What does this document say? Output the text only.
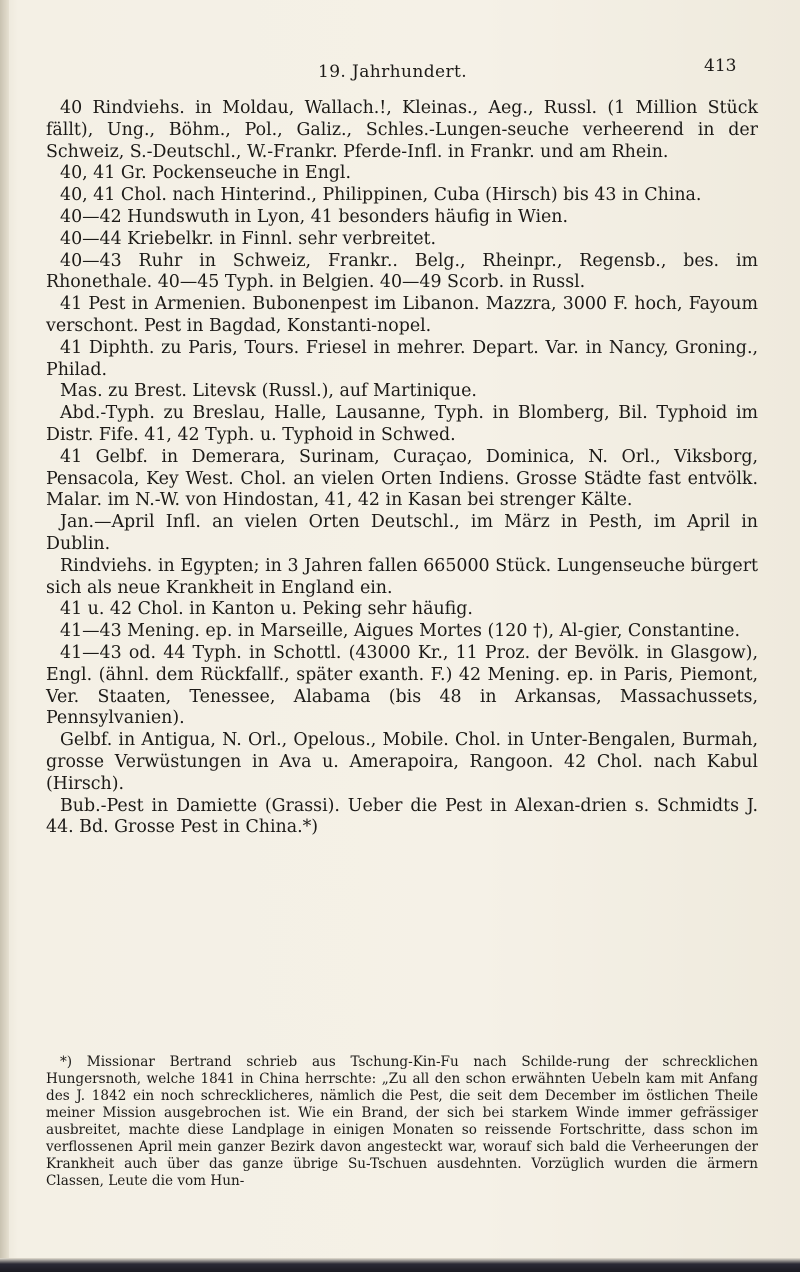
19. Jahrhundert.	413

40 Rindviehs. in Moldau, Wallach.!, Kleinas., Aeg., Russl. (1 Million Stück fällt), Ung., Böhm., Pol., Galiz., Schles.-Lungen-seuche verheerend in der Schweiz, S.-Deutschl., W.-Frankr. Pferde-Infl. in Frankr. und am Rhein.

40, 41 Gr. Pockenseuche in Engl.

40, 41 Chol. nach Hinterind., Philippinen, Cuba (Hirsch) bis 43 in China.

40—42 Hundswuth in Lyon, 41 besonders häufig in Wien.

40—44 Kriebelkr. in Finnl. sehr verbreitet.

40—43 Ruhr in Schweiz, Frankr.. Belg., Rheinpr., Regensb., bes. im Rhonethale. 40—45 Typh. in Belgien. 40—49 Scorb. in Russl.

41 Pest in Armenien. Bubonenpest im Libanon. Mazzra, 3000 F. hoch, Fayoum verschont. Pest in Bagdad, Konstanti-nopel.

41 Diphth. zu Paris, Tours. Friesel in mehrer. Depart. Var. in Nancy, Groning., Philad.

Mas. zu Brest. Litevsk (Russl.), auf Martinique.

Abd.-Typh. zu Breslau, Halle, Lausanne, Typh. in Blomberg, Bil. Typhoid im Distr. Fife. 41, 42 Typh. u. Typhoid in Schwed.

41 Gelbf. in Demerara, Surinam, Curaçao, Dominica, N. Orl., Viksborg, Pensacola, Key West. Chol. an vielen Orten Indiens. Grosse Städte fast entvölk. Malar. im N.-W. von Hindostan, 41, 42 in Kasan bei strenger Kälte.

Jan.—April Infl. an vielen Orten Deutschl., im März in Pesth, im April in Dublin.

Rindviehs. in Egypten; in 3 Jahren fallen 665000 Stück. Lungenseuche bürgert sich als neue Krankheit in England ein.

41 u. 42 Chol. in Kanton u. Peking sehr häufig.

41—43 Mening. ep. in Marseille, Aigues Mortes (120 †), Al-gier, Constantine.

41—43 od. 44 Typh. in Schottl. (43000 Kr., 11 Proz. der Bevölk. in Glasgow), Engl. (ähnl. dem Rückfallf., später exanth. F.) 42 Mening. ep. in Paris, Piemont, Ver. Staaten, Tenessee, Alabama (bis 48 in Arkansas, Massachussets, Pennsylvanien).

Gelbf. in Antigua, N. Orl., Opelous., Mobile. Chol. in Unter-Bengalen, Burmah, grosse Verwüstungen in Ava u. Amerapoira, Rangoon. 42 Chol. nach Kabul (Hirsch).

Bub.-Pest in Damiette (Grassi). Ueber die Pest in Alexan-drien s. Schmidts J. 44. Bd. Grosse Pest in China.*)

*) Missionar Bertrand schrieb aus Tschung-Kin-Fu nach Schilde-rung der schrecklichen Hungersnoth, welche 1841 in China herrschte: „Zu all den schon erwähnten Uebeln kam mit Anfang des J. 1842 ein noch schrecklicheres, nämlich die Pest, die seit dem December im östlichen Theile meiner Mission ausgebrochen ist. Wie ein Brand, der sich bei starkem Winde immer gefrässiger ausbreitet, machte diese Landplage in einigen Monaten so reissende Fortschritte, dass schon im verflossenen April mein ganzer Bezirk davon angesteckt war, worauf sich bald die Verheerungen der Krankheit auch über das ganze übrige Su-Tschuen ausdehnten. Vorzüglich wurden die ärmern Classen, Leute die vom Hun-
